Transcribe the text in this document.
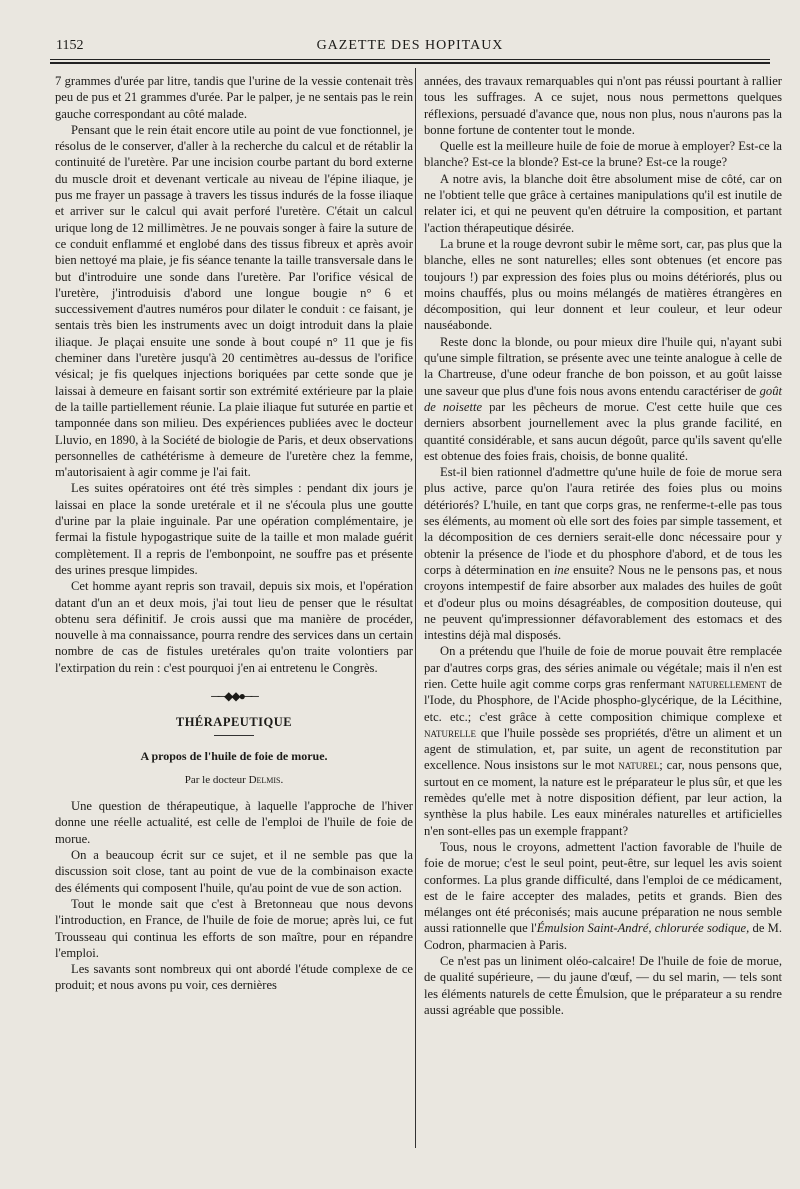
1152	GAZETTE DES HOPITAUX

7 grammes d'urée par litre, tandis que l'urine de la vessie contenait très peu de pus et 21 grammes d'urée. Par le palper, je ne sentais pas le rein gauche correspondant au côté malade.

Pensant que le rein était encore utile au point de vue fonctionnel, je résolus de le conserver, d'aller à la recherche du calcul et de rétablir la continuité de l'uretère. Par une incision courbe partant du bord externe du muscle droit et devenant verticale au niveau de l'épine iliaque, je pus me frayer un passage à travers les tissus indurés de la fosse iliaque et arriver sur le calcul qui avait perforé l'uretère. C'était un calcul urique long de 12 millimètres. Je ne pouvais songer à faire la suture de ce conduit enflammé et englobé dans des tissus fibreux et après avoir bien nettoyé ma plaie, je fis séance tenante la taille transversale dans le but d'introduire une sonde dans l'uretère. Par l'orifice vésical de l'uretère, j'introduisis d'abord une longue bougie n° 6 et successivement d'autres numéros pour dilater le conduit : ce faisant, je sentais très bien les instruments avec un doigt introduit dans la plaie iliaque. Je plaçai ensuite une sonde à bout coupé n° 11 que je fis cheminer dans l'uretère jusqu'à 20 centimètres au-dessus de l'orifice vésical; je fis quelques injections boriquées par cette sonde que je laissai à demeure en faisant sortir son extrémité extérieure par la plaie de la taille partiellement réunie. La plaie iliaque fut suturée en partie et tamponnée dans son milieu. Des expériences publiées avec le docteur Lluvio, en 1890, à la Société de biologie de Paris, et deux observations personnelles de cathétérisme à demeure de l'uretère chez la femme, m'autorisaient à agir comme je l'ai fait.

Les suites opératoires ont été très simples : pendant dix jours je laissai en place la sonde uretérale et il ne s'écoula plus une goutte d'urine par la plaie inguinale. Par une opération complémentaire, je fermai la fistule hypogastrique suite de la taille et mon malade guérit complètement. Il a repris de l'embonpoint, ne souffre pas et présente des urines presque limpides.

Cet homme ayant repris son travail, depuis six mois, et l'opération datant d'un an et deux mois, j'ai tout lieu de penser que le résultat obtenu sera définitif. Je crois aussi que ma manière de procéder, nouvelle à ma connaissance, pourra rendre des services dans un certain nombre de cas de fistules uretérales qu'on traite volontiers par l'extirpation du rein : c'est pourquoi j'en ai entretenu le Congrès.

──◆◆●──
THÉRAPEUTIQUE
A propos de l'huile de foie de morue.
Par le docteur Delmis.

Une question de thérapeutique, à laquelle l'approche de l'hiver donne une réelle actualité, est celle de l'emploi de l'huile de foie de morue.

On a beaucoup écrit sur ce sujet, et il ne semble pas que la discussion soit close, tant au point de vue de la combinaison exacte des éléments qui composent l'huile, qu'au point de vue de son action.

Tout le monde sait que c'est à Bretonneau que nous devons l'introduction, en France, de l'huile de foie de morue; après lui, ce fut Trousseau qui continua les efforts de son maître, pour en répandre l'emploi.

Les savants sont nombreux qui ont abordé l'étude complexe de ce produit; et nous avons pu voir, ces dernières

années, des travaux remarquables qui n'ont pas réussi pourtant à rallier tous les suffrages. A ce sujet, nous nous permettons quelques réflexions, persuadé d'avance que, nous non plus, nous n'aurons pas la bonne fortune de contenter tout le monde.

Quelle est la meilleure huile de foie de morue à employer? Est-ce la blanche? Est-ce la blonde? Est-ce la brune? Est-ce la rouge?

A notre avis, la blanche doit être absolument mise de côté, car on ne l'obtient telle que grâce à certaines manipulations qu'il est inutile de relater ici, et qui ne peuvent qu'en détruire la composition, et partant l'action thérapeutique désirée.

La brune et la rouge devront subir le même sort, car, pas plus que la blanche, elles ne sont naturelles; elles sont obtenues (et encore pas toujours !) par expression des foies plus ou moins détériorés, plus ou moins chauffés, plus ou moins mélangés de matières étrangères en décomposition, qui leur donnent et leur couleur, et leur odeur nauséabonde.

Reste donc la blonde, ou pour mieux dire l'huile qui, n'ayant subi qu'une simple filtration, se présente avec une teinte analogue à celle de la Chartreuse, d'une odeur franche de bon poisson, et au goût laisse une saveur que plus d'une fois nous avons entendu caractériser de goût de noisette par les pêcheurs de morue. C'est cette huile que ces derniers absorbent journellement avec la plus grande facilité, en quantité considérable, et sans aucun dégoût, parce qu'ils savent qu'elle est obtenue des foies frais, choisis, de bonne qualité.

Est-il bien rationnel d'admettre qu'une huile de foie de morue sera plus active, parce qu'on l'aura retirée des foies plus ou moins détériorés? L'huile, en tant que corps gras, ne renferme-t-elle pas tous ses éléments, au moment où elle sort des foies par simple tassement, et la décomposition de ces derniers serait-elle donc nécessaire pour y obtenir la présence de l'iode et du phosphore d'abord, et de tous les corps à détermination en ine ensuite? Nous ne le pensons pas, et nous croyons intempestif de faire absorber aux malades des huiles de goût et d'odeur plus ou moins désagréables, de composition douteuse, qui ne peuvent qu'impressionner défavorablement des estomacs et des intestins déjà mal disposés.

On a prétendu que l'huile de foie de morue pouvait être remplacée par d'autres corps gras, des séries animale ou végétale; mais il n'en est rien. Cette huile agit comme corps gras renfermant naturellement de l'Iode, du Phosphore, de l'Acide phospho-glycérique, de la Lécithine, etc. etc.; c'est grâce à cette composition chimique complexe et naturelle que l'huile possède ses propriétés, d'être un aliment et un agent de stimulation, et, par suite, un agent de reconstitution par excellence. Nous insistons sur le mot naturel; car, nous pensons que, surtout en ce moment, la nature est le préparateur le plus sûr, et que les remèdes qu'elle met à notre disposition défient, par leur action, la synthèse la plus habile. Les eaux minérales naturelles et artificielles n'en sont-elles pas un exemple frappant?

Tous, nous le croyons, admettent l'action favorable de l'huile de foie de morue; c'est le seul point, peut-être, sur lequel les avis soient conformes. La plus grande difficulté, dans l'emploi de ce médicament, est de le faire accepter des malades, petits et grands. Bien des mélanges ont été préconisés; mais aucune préparation ne nous semble aussi rationnelle que l'Émulsion Saint-André, chlorurée sodique, de M. Codron, pharmacien à Paris.

Ce n'est pas un liniment oléo-calcaire! De l'huile de foie de morue, de qualité supérieure, — du jaune d'œuf, — du sel marin, — tels sont les éléments naturels de cette Émulsion, que le préparateur a su rendre aussi agréable que possible.
